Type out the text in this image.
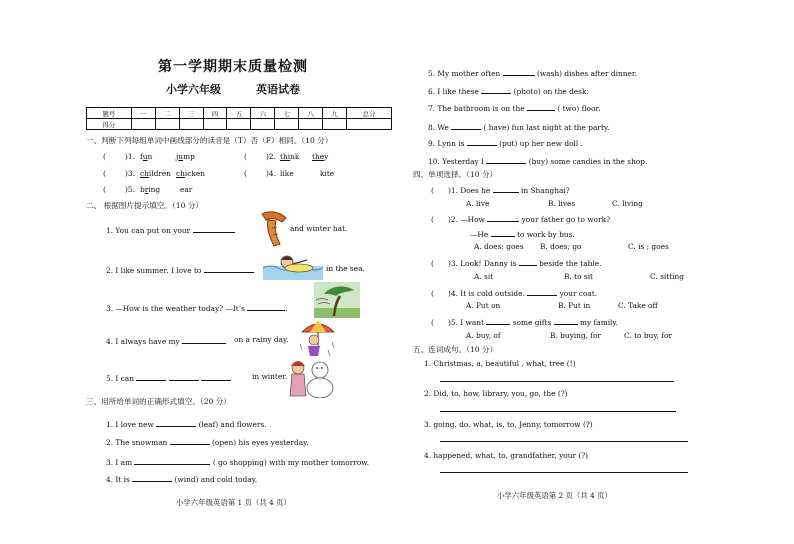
第一学期期末质量检测
小学六年级	英语试卷
题号	一	二	三	四	五	六	七	八	九	总分
得分										
一、判断下列每组单词中画线部分的读音是（T）否（F）相同。（10 分）
(	)1. fun	jump	(	)2. think they
(	)3. children chicken	(	)4. like	kite
(	)5. bring	ear
二、 根据图片提示填空。（10 分）
1. You can put on your	and winter hat.
2. I like summer. I love to	in the sea.
3. —How is the weather today? —It’s	.
4. I always have my	on a rainy day.
5. I can	in winter.
三、用所给单词的正确形式填空。（20 分）
1. I love new	(leaf) and flowers.
2. The snowman	(open) his eyes yesterday.
3. I am	( go shopping) with my mother tomorrow.
4. It is	(wind) and cold today.
小学六年级英语第 1 页（共 4 页）
5. My mother often	(wash) dishes after dinner.
6. I like these	(photo) on the desk.
7. The bathroom is on the	( two) floor.
8. We	( have) fun last night at the party.
9. Lynn is	(put) up her new doll .
10. Yesterday I	(buy) some candies in the shop.
四、单项选择。（10 分）
(      )1. Does he	in Shanghai?
A. live	B. lives	C. living
(      )2. —How	your father go to work?
—He	to work by bus.
A. does; goes B. does; go	C. is ; goes
(      )3. Look! Danny is	beside the table.
A. sit	B. to sit	C. sitting
(      )4. It is cold outside.	your coat.
A. Put on	B. Put in	C. Take off
(      )5. I want	some gifts	my family.
A. buy, of	B. buying, for	C. to buy, for
五、连词成句。（10 分）
1. Christmas, a, beautiful , what, tree (!)
2. Did, to, how, library, you, go, the (?)
3. going, do, what, is, to, Jenny, tomorrow (?)
4. happened, what, to, grandfather, your (?)
小学六年级英语第 2 页（共 4 页）
